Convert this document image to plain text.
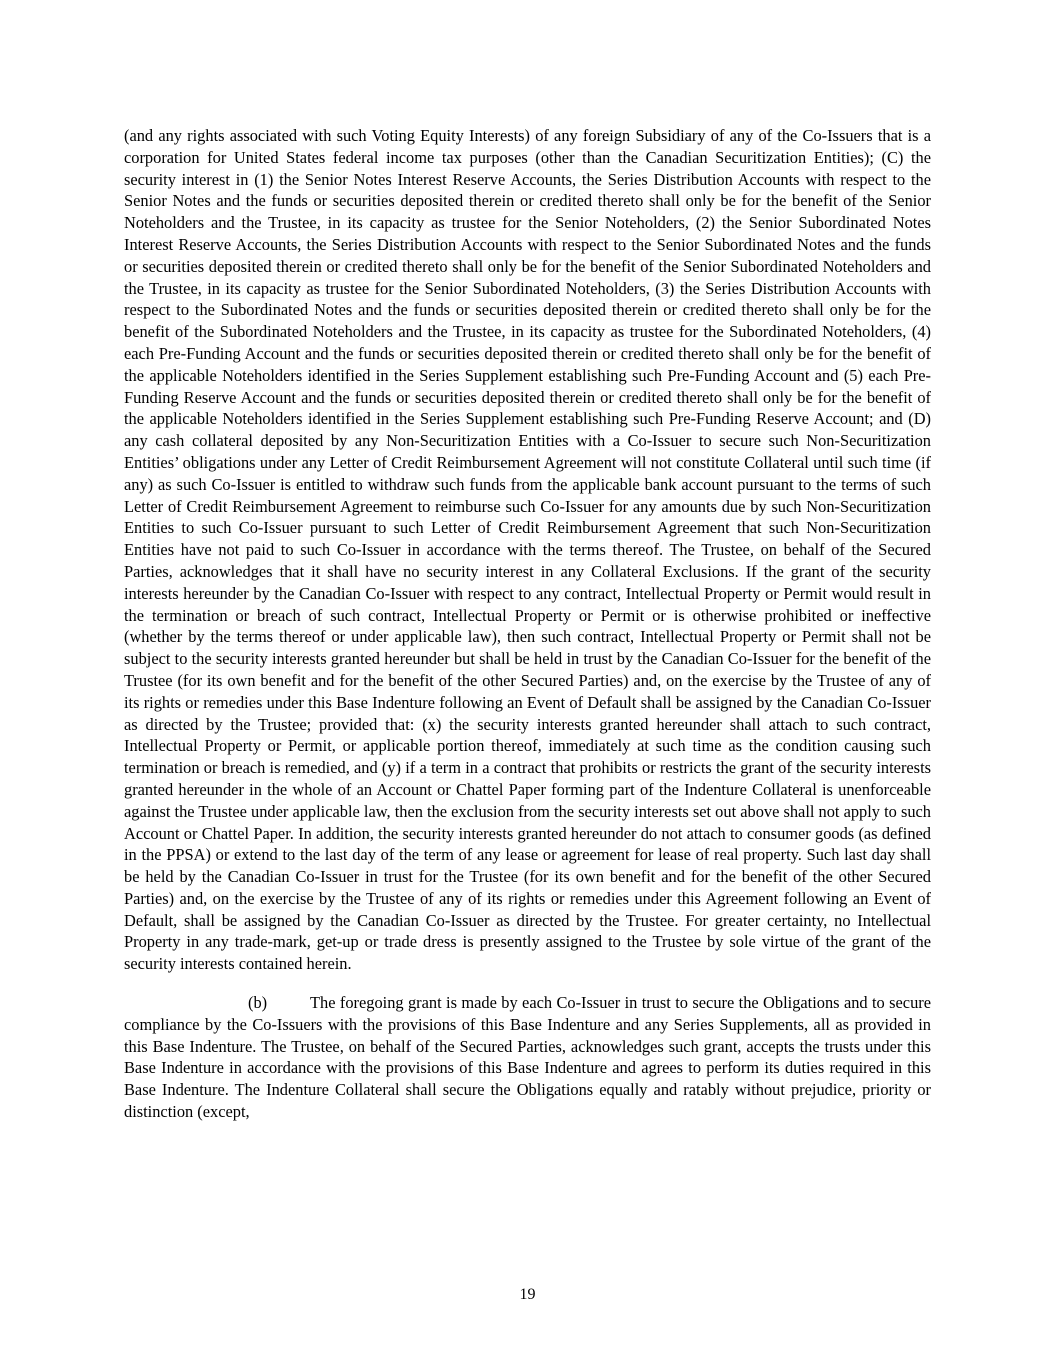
(and any rights associated with such Voting Equity Interests) of any foreign Subsidiary of any of the Co-Issuers that is a corporation for United States federal income tax purposes (other than the Canadian Securitization Entities); (C) the security interest in (1) the Senior Notes Interest Reserve Accounts, the Series Distribution Accounts with respect to the Senior Notes and the funds or securities deposited therein or credited thereto shall only be for the benefit of the Senior Noteholders and the Trustee, in its capacity as trustee for the Senior Noteholders, (2) the Senior Subordinated Notes Interest Reserve Accounts, the Series Distribution Accounts with respect to the Senior Subordinated Notes and the funds or securities deposited therein or credited thereto shall only be for the benefit of the Senior Subordinated Noteholders and the Trustee, in its capacity as trustee for the Senior Subordinated Noteholders, (3) the Series Distribution Accounts with respect to the Subordinated Notes and the funds or securities deposited therein or credited thereto shall only be for the benefit of the Subordinated Noteholders and the Trustee, in its capacity as trustee for the Subordinated Noteholders, (4) each Pre-Funding Account and the funds or securities deposited therein or credited thereto shall only be for the benefit of the applicable Noteholders identified in the Series Supplement establishing such Pre-Funding Account and (5) each Pre-Funding Reserve Account and the funds or securities deposited therein or credited thereto shall only be for the benefit of the applicable Noteholders identified in the Series Supplement establishing such Pre-Funding Reserve Account; and (D) any cash collateral deposited by any Non-Securitization Entities with a Co-Issuer to secure such Non-Securitization Entities’ obligations under any Letter of Credit Reimbursement Agreement will not constitute Collateral until such time (if any) as such Co-Issuer is entitled to withdraw such funds from the applicable bank account pursuant to the terms of such Letter of Credit Reimbursement Agreement to reimburse such Co-Issuer for any amounts due by such Non-Securitization Entities to such Co-Issuer pursuant to such Letter of Credit Reimbursement Agreement that such Non-Securitization Entities have not paid to such Co-Issuer in accordance with the terms thereof. The Trustee, on behalf of the Secured Parties, acknowledges that it shall have no security interest in any Collateral Exclusions. If the grant of the security interests hereunder by the Canadian Co-Issuer with respect to any contract, Intellectual Property or Permit would result in the termination or breach of such contract, Intellectual Property or Permit or is otherwise prohibited or ineffective (whether by the terms thereof or under applicable law), then such contract, Intellectual Property or Permit shall not be subject to the security interests granted hereunder but shall be held in trust by the Canadian Co-Issuer for the benefit of the Trustee (for its own benefit and for the benefit of the other Secured Parties) and, on the exercise by the Trustee of any of its rights or remedies under this Base Indenture following an Event of Default shall be assigned by the Canadian Co-Issuer as directed by the Trustee; provided that: (x) the security interests granted hereunder shall attach to such contract, Intellectual Property or Permit, or applicable portion thereof, immediately at such time as the condition causing such termination or breach is remedied, and (y) if a term in a contract that prohibits or restricts the grant of the security interests granted hereunder in the whole of an Account or Chattel Paper forming part of the Indenture Collateral is unenforceable against the Trustee under applicable law, then the exclusion from the security interests set out above shall not apply to such Account or Chattel Paper. In addition, the security interests granted hereunder do not attach to consumer goods (as defined in the PPSA) or extend to the last day of the term of any lease or agreement for lease of real property. Such last day shall be held by the Canadian Co-Issuer in trust for the Trustee (for its own benefit and for the benefit of the other Secured Parties) and, on the exercise by the Trustee of any of its rights or remedies under this Agreement following an Event of Default, shall be assigned by the Canadian Co-Issuer as directed by the Trustee. For greater certainty, no Intellectual Property in any trade-mark, get-up or trade dress is presently assigned to the Trustee by sole virtue of the grant of the security interests contained herein.

(b)	The foregoing grant is made by each Co-Issuer in trust to secure the Obligations and to secure compliance by the Co-Issuers with the provisions of this Base Indenture and any Series Supplements, all as provided in this Base Indenture. The Trustee, on behalf of the Secured Parties, acknowledges such grant, accepts the trusts under this Base Indenture in accordance with the provisions of this Base Indenture and agrees to perform its duties required in this Base Indenture. The Indenture Collateral shall secure the Obligations equally and ratably without prejudice, priority or distinction (except,

19
